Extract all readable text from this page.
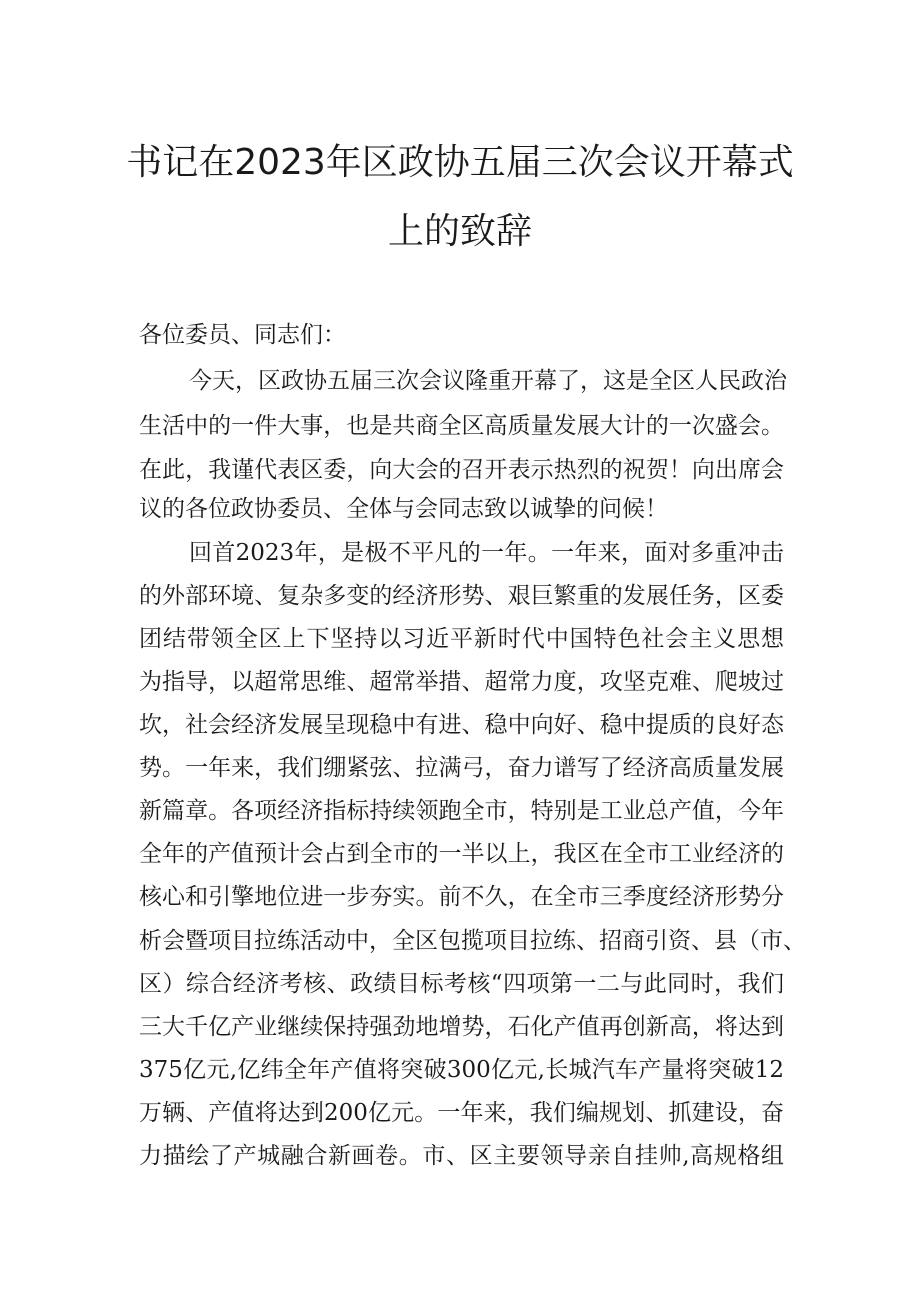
书记在2023年区政协五届三次会议开幕式
上的致辞

各位委员、同志们：

今天，区政协五届三次会议隆重开幕了，这是全区人民政治

生活中的一件大事，也是共商全区高质量发展大计的一次盛会。

在此，我谨代表区委，向大会的召开表示热烈的祝贺！向出席会

议的各位政协委员、全体与会同志致以诚挚的问候！

回首2023年，是极不平凡的一年。一年来，面对多重冲击

的外部环境、复杂多变的经济形势、艰巨繁重的发展任务，区委

团结带领全区上下坚持以习近平新时代中国特色社会主义思想

为指导，以超常思维、超常举措、超常力度，攻坚克难、爬坡过

坎，社会经济发展呈现稳中有进、稳中向好、稳中提质的良好态

势。一年来，我们绷紧弦、拉满弓，奋力谱写了经济高质量发展

新篇章。各项经济指标持续领跑全市，特别是工业总产值，今年

全年的产值预计会占到全市的一半以上，我区在全市工业经济的

核心和引擎地位进一步夯实。前不久，在全市三季度经济形势分

析会暨项目拉练活动中，全区包揽项目拉练、招商引资、县（市、

区）综合经济考核、政绩目标考核“四项第一二与此同时，我们

三大千亿产业继续保持强劲地增势，石化产值再创新高，将达到

375亿元,亿纬全年产值将突破300亿元,长城汽车产量将突破12

万辆、产值将达到200亿元。一年来，我们编规划、抓建设，奋

力描绘了产城融合新画卷。市、区主要领导亲自挂帅,高规格组
